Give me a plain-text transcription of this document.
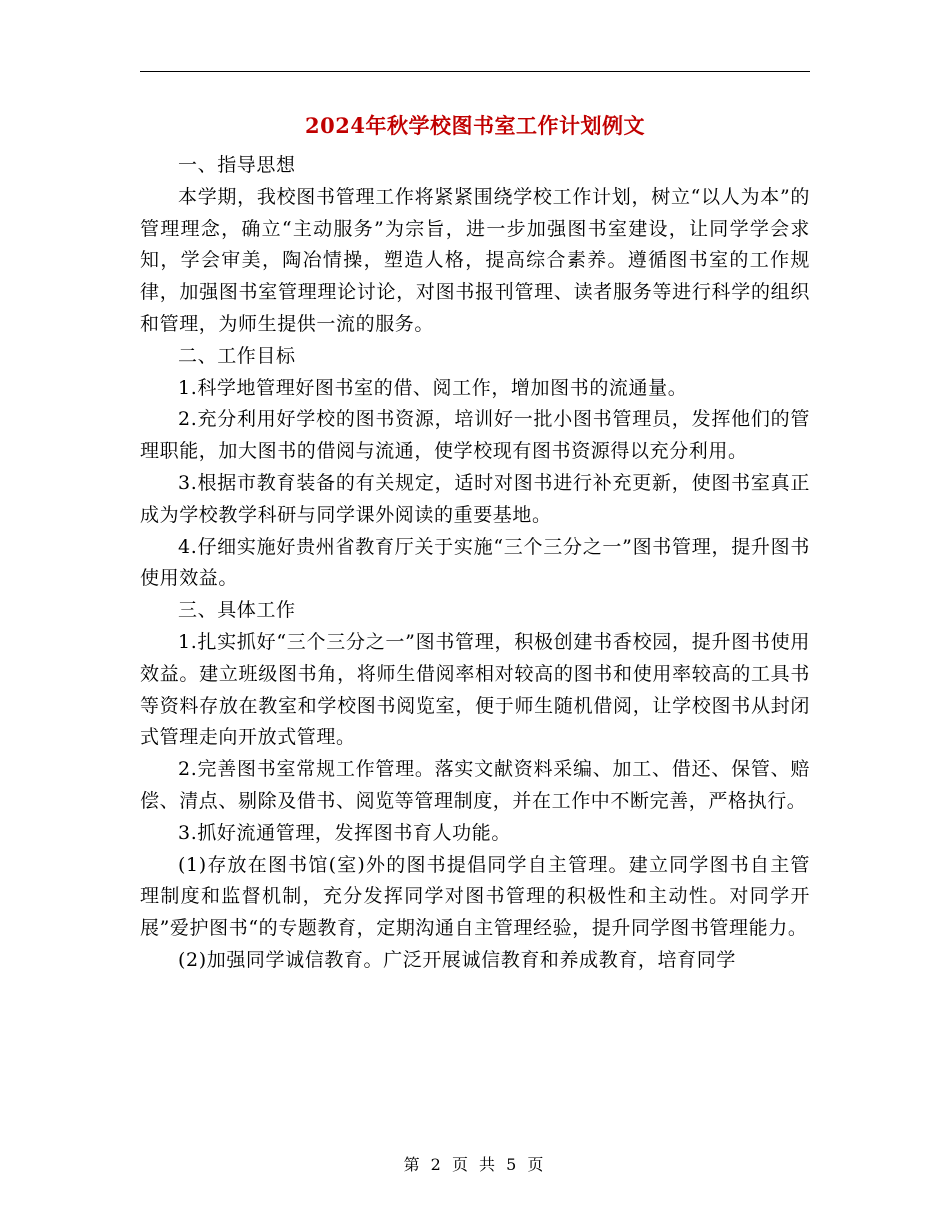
2024年秋学校图书室工作计划例文

一、指导思想

本学期，我校图书管理工作将紧紧围绕学校工作计划，树立“以人为本”的管理理念，确立“主动服务”为宗旨，进一步加强图书室建设，让同学学会求知，学会审美，陶冶情操，塑造人格，提高综合素养。遵循图书室的工作规律，加强图书室管理理论讨论，对图书报刊管理、读者服务等进行科学的组织和管理，为师生提供一流的服务。

二、工作目标

1.科学地管理好图书室的借、阅工作，增加图书的流通量。

2.充分利用好学校的图书资源，培训好一批小图书管理员，发挥他们的管理职能，加大图书的借阅与流通，使学校现有图书资源得以充分利用。

3.根据市教育装备的有关规定，适时对图书进行补充更新，使图书室真正成为学校教学科研与同学课外阅读的重要基地。

4.仔细实施好贵州省教育厅关于实施“三个三分之一”图书管理，提升图书使用效益。

三、具体工作

1.扎实抓好“三个三分之一”图书管理，积极创建书香校园，提升图书使用效益。建立班级图书角，将师生借阅率相对较高的图书和使用率较高的工具书等资料存放在教室和学校图书阅览室，便于师生随机借阅，让学校图书从封闭式管理走向开放式管理。

2.完善图书室常规工作管理。落实文献资料采编、加工、借还、保管、赔偿、清点、剔除及借书、阅览等管理制度，并在工作中不断完善，严格执行。

3.抓好流通管理，发挥图书育人功能。

(1)存放在图书馆(室)外的图书提倡同学自主管理。建立同学图书自主管理制度和监督机制，充分发挥同学对图书管理的积极性和主动性。对同学开展”爱护图书“的专题教育，定期沟通自主管理经验，提升同学图书管理能力。

(2)加强同学诚信教育。广泛开展诚信教育和养成教育，培育同学

第 2 页 共 5 页
